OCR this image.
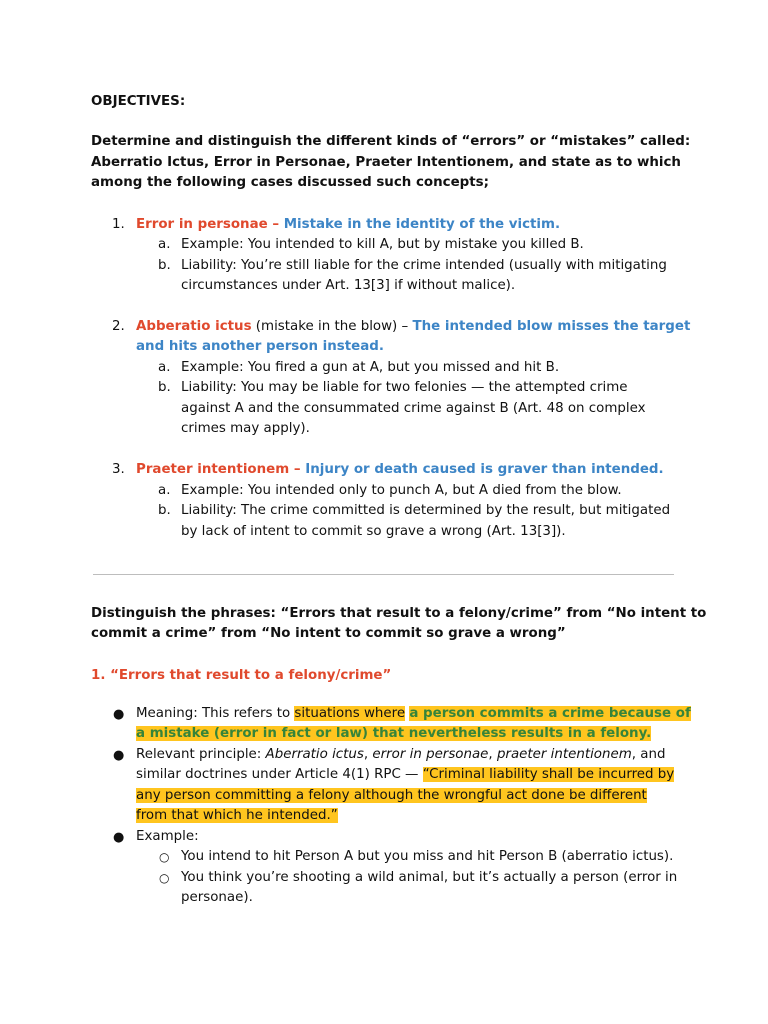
OBJECTIVES:
Determine and distinguish the different kinds of “errors” or “mistakes” called:
Aberratio Ictus, Error in Personae, Praeter Intentionem, and state as to which
among the following cases discussed such concepts;
1. Error in personae – Mistake in the identity of the victim.
a. Example: You intended to kill A, but by mistake you killed B.
b. Liability: You’re still liable for the crime intended (usually with mitigating
circumstances under Art. 13[3] if without malice).
2. Abberatio ictus (mistake in the blow) – The intended blow misses the target
and hits another person instead.
a. Example: You fired a gun at A, but you missed and hit B.
b. Liability: You may be liable for two felonies — the attempted crime
against A and the consummated crime against B (Art. 48 on complex
crimes may apply).
3. Praeter intentionem – Injury or death caused is graver than intended.
a. Example: You intended only to punch A, but A died from the blow.
b. Liability: The crime committed is determined by the result, but mitigated
by lack of intent to commit so grave a wrong (Art. 13[3]).
Distinguish the phrases: “Errors that result to a felony/crime” from “No intent to
commit a crime” from “No intent to commit so grave a wrong”
1. “Errors that result to a felony/crime”
● Meaning: This refers to situations where a person commits a crime because of
a mistake (error in fact or law) that nevertheless results in a felony.
● Relevant principle: Aberratio ictus, error in personae, praeter intentionem, and
similar doctrines under Article 4(1) RPC — “Criminal liability shall be incurred by
any person committing a felony although the wrongful act done be different
from that which he intended.”
● Example:
○ You intend to hit Person A but you miss and hit Person B (aberratio ictus).
○ You think you’re shooting a wild animal, but it’s actually a person (error in
personae).
